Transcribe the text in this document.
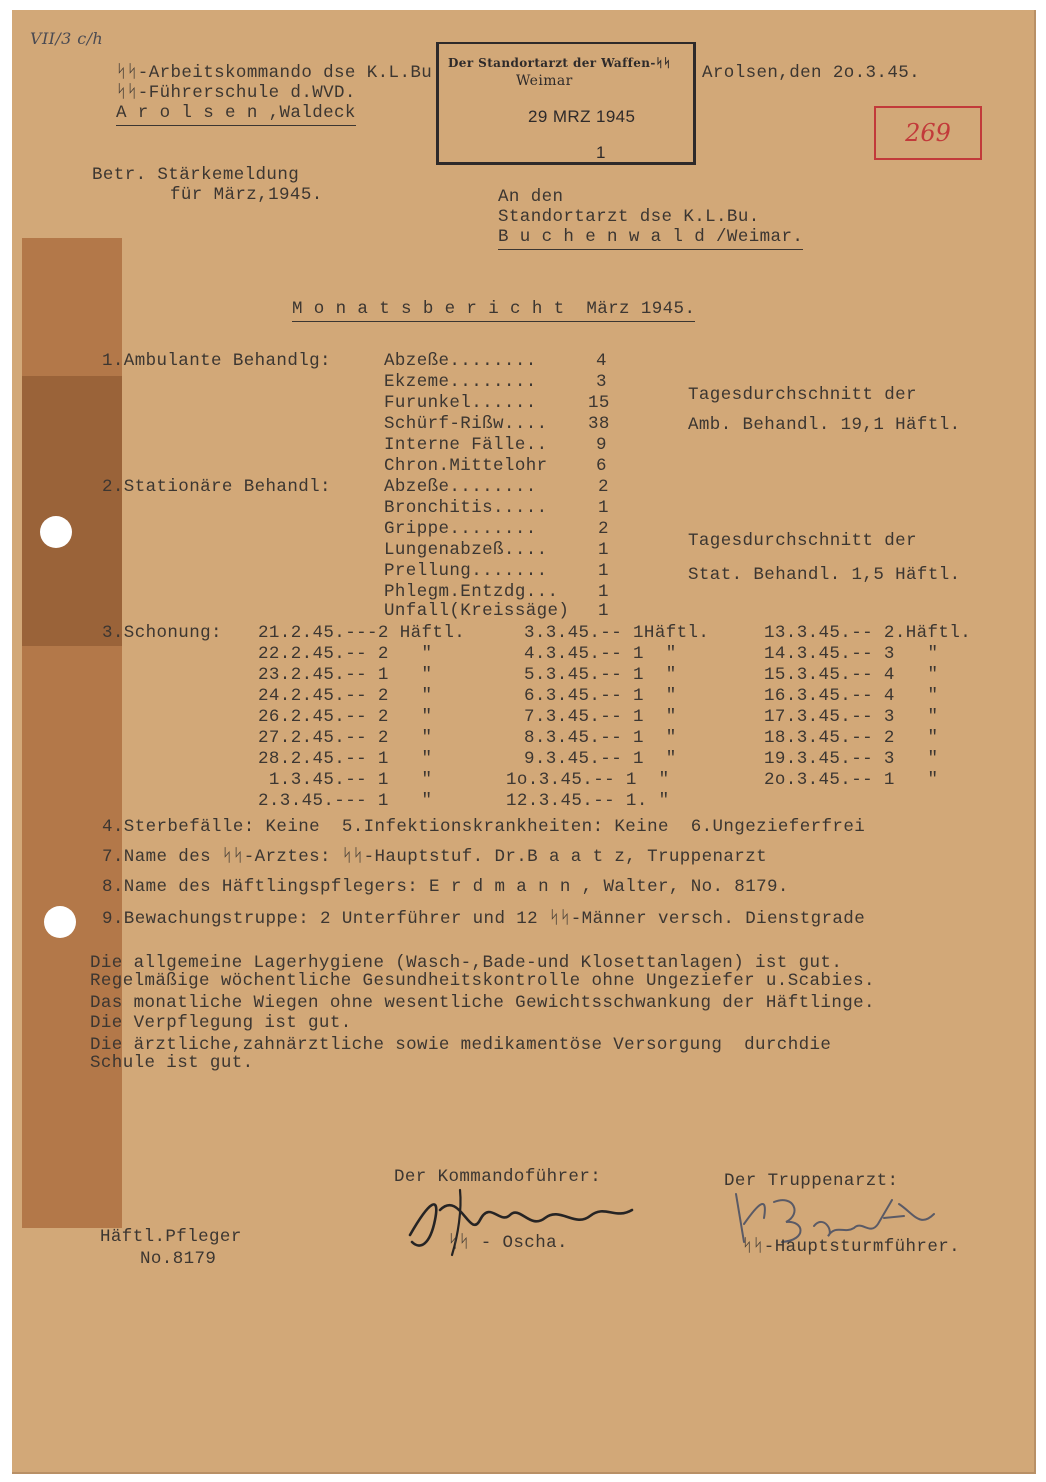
VII/3 c/h
ᛋᛋ-Arbeitskommando dse K.L.Bu.
ᛋᛋ-Führerschule d.WVD.
A r o l s e n ,Waldeck
Der Standortarzt der Waffen-ᛋᛋ
Weimar
29 MRZ 1945
1
Arolsen,den 2o.3.45.
269
Betr. Stärkemeldung
für März,1945.	An den
Standortarzt dse K.L.Bu.
B u c h e n w a l d /Weimar.
M o n a t s b e r i c h t  März 1945.
1.Ambulante Behandlg:	Abzeße........	4
Ekzeme........	3
Furunkel......	15
Schürf-Rißw.... 38
Interne Fälle..	9
Chron.Mittelohr	6
Tagesdurchschnitt der
Amb. Behandl. 19,1 Häftl.
2.Stationäre Behandl:	Abzeße........	2
Bronchitis.....	1
Grippe........	2
Lungenabzeß....	1
Prellung.......	1
Phlegm.Entzdg... 1
Unfall(Kreissäge) 1
Tagesdurchschnitt der
Stat. Behandl. 1,5 Häftl.
3.Schonung: 21.2.45.---2 Häftl.
22.2.45.-- 2   "
23.2.45.-- 1   "
24.2.45.-- 2   "
26.2.45.-- 2   "
27.2.45.-- 2   "
28.2.45.-- 1   "
1.3.45.-- 1   "
2.3.45.--- 1   "
3.3.45.-- 1Häftl.
4.3.45.-- 1  "
5.3.45.-- 1  "
6.3.45.-- 1  "
7.3.45.-- 1  "
8.3.45.-- 1  "
9.3.45.-- 1  "
1o.3.45.-- 1  "
12.3.45.-- 1. "
13.3.45.-- 2.Häftl.
14.3.45.-- 3   "
15.3.45.-- 4   "
16.3.45.-- 4   "
17.3.45.-- 3   "
18.3.45.-- 2   "
19.3.45.-- 3   "
2o.3.45.-- 1   "
4.Sterbefälle: Keine  5.Infektionskrankheiten: Keine  6.Ungezieferfrei
7.Name des ᛋᛋ-Arztes: ᛋᛋ-Hauptstuf. Dr.B a a t z, Truppenarzt
8.Name des Häftlingspflegers: E r d m a n n , Walter, No. 8179.
9.Bewachungstruppe: 2 Unterführer und 12 ᛋᛋ-Männer versch. Dienstgrade
Die allgemeine Lagerhygiene (Wasch-,Bade-und Klosettanlagen) ist gut.
Regelmäßige wöchentliche Gesundheitskontrolle ohne Ungeziefer u.Scabies.
Das monatliche Wiegen ohne wesentliche Gewichtsschwankung der Häftlinge.
Die Verpflegung ist gut.
Die ärztliche,zahnärztliche sowie medikamentöse Versorgung  durchdie
Schule ist gut.
Der Kommandoführer:	Der Truppenarzt:
Häftl.Pfleger
No.8179
ᛋᛋ - Oscha.	ᛋᛋ-Hauptsturmführer.
